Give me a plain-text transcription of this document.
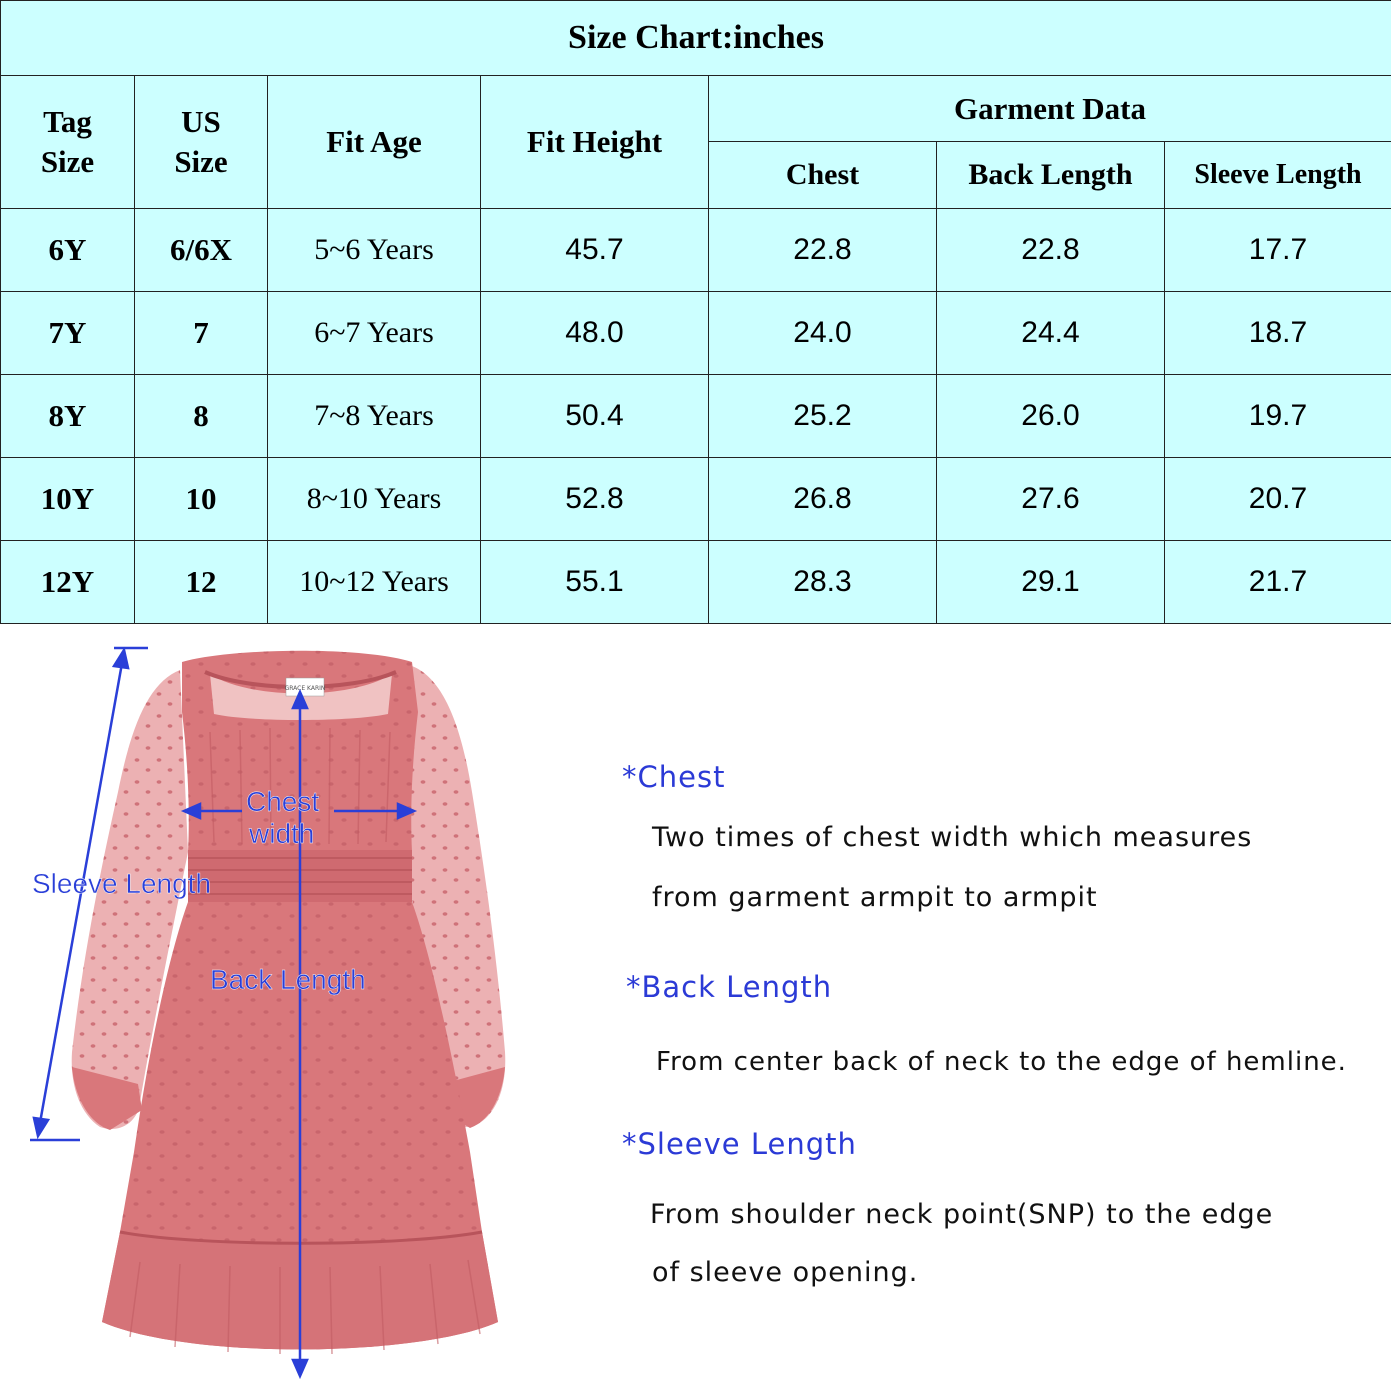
Size Chart:inches						
Tag Size	US Size	Fit Age	Fit Height	Garment Data		
				Chest	Back Length	Sleeve Length
6Y	6/6X	5~6 Years	45.7	22.8	22.8	17.7
7Y	7	6~7 Years	48.0	24.0	24.4	18.7
8Y	8	7~8 Years	50.4	25.2	26.0	19.7
10Y	10	8~10 Years	52.8	26.8	27.6	20.7
12Y	12	10~12 Years	55.1	28.3	29.1	21.7
GRACE KARIN
Chest
width
Sleeve Length
Back Length
*Chest
Two times of chest width which measures
from garment armpit to armpit
*Back Length
From center back of neck to the edge of hemline.
*Sleeve Length
From shoulder neck point(SNP) to the edge
of sleeve opening.
